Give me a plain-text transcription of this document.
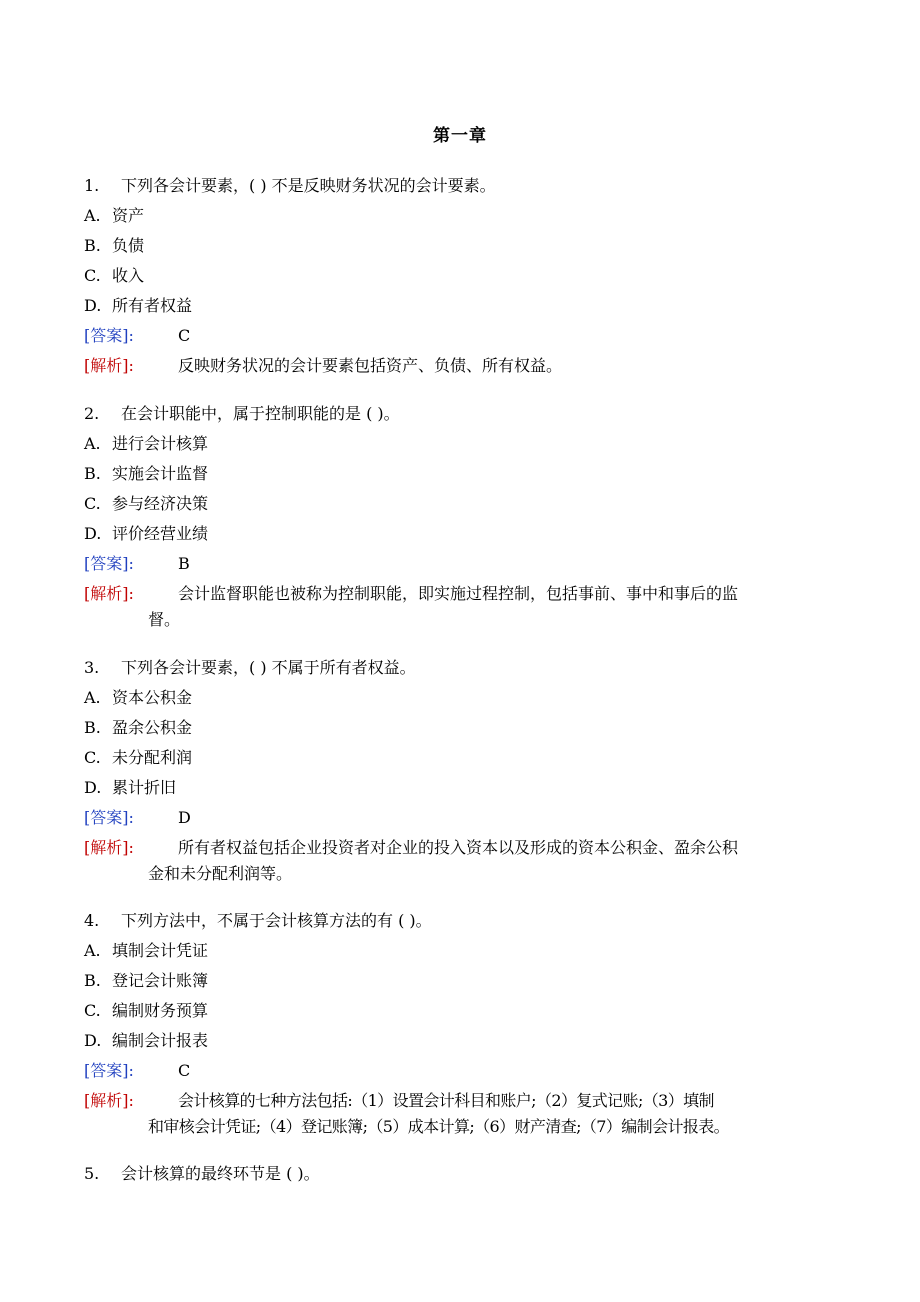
第一章
1. 下列各会计要素，( ) 不是反映财务状况的会计要素。
A. 资产
B. 负债
C. 收入
D. 所有者权益
[答案]:	C
[解析]:	反映财务状况的会计要素包括资产、负债、所有权益。
2. 在会计职能中，属于控制职能的是 ( )。
A. 进行会计核算
B. 实施会计监督
C. 参与经济决策
D. 评价经营业绩
[答案]:	B
[解析]:	会计监督职能也被称为控制职能，即实施过程控制，包括事前、事中和事后的监
督。
3. 下列各会计要素，( ) 不属于所有者权益。
A. 资本公积金
B. 盈余公积金
C. 未分配利润
D. 累计折旧
[答案]:	D
[解析]:	所有者权益包括企业投资者对企业的投入资本以及形成的资本公积金、盈余公积
金和未分配利润等。
4. 下列方法中，不属于会计核算方法的有 ( )。
A. 填制会计凭证
B. 登记会计账簿
C. 编制财务预算
D. 编制会计报表
[答案]:	C
[解析]:	会计核算的七种方法包括:（1）设置会计科目和账户;（2）复式记账;（3）填制
和审核会计凭证;（4）登记账簿;（5）成本计算;（6）财产清查;（7）编制会计报表。
5. 会计核算的最终环节是 ( )。
